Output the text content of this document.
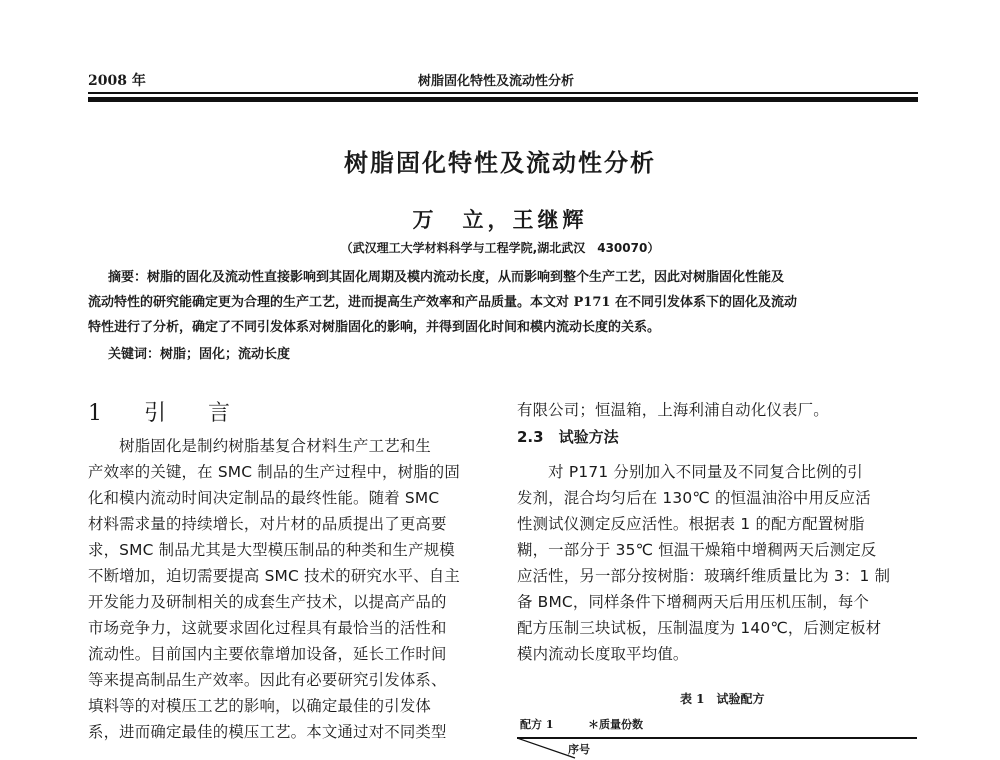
2008 年	树脂固化特性及流动性分析
树脂固化特性及流动性分析
万　立，王继辉
（武汉理工大学材料科学与工程学院,湖北武汉　430070）
摘要：树脂的固化及流动性直接影响到其固化周期及模内流动长度，从而影响到整个生产工艺，因此对树脂固化性能及
流动特性的研究能确定更为合理的生产工艺，进而提高生产效率和产品质量。本文对 P171 在不同引发体系下的固化及流动
特性进行了分析，确定了不同引发体系对树脂固化的影响，并得到固化时间和模内流动长度的关系。
关键词：树脂；固化；流动长度
1　引　言
　　树脂固化是制约树脂基复合材料生产工艺和生
产效率的关键，在 SMC 制品的生产过程中，树脂的固
化和模内流动时间决定制品的最终性能。随着 SMC
材料需求量的持续增长，对片材的品质提出了更高要
求，SMC 制品尤其是大型模压制品的种类和生产规模
不断增加，迫切需要提高 SMC 技术的研究水平、自主
开发能力及研制相关的成套生产技术，以提高产品的
市场竞争力，这就要求固化过程具有最恰当的活性和
流动性。目前国内主要依靠增加设备，延长工作时间
等来提高制品生产效率。因此有必要研究引发体系、
填料等的对模压工艺的影响，以确定最佳的引发体
系，进而确定最佳的模压工艺。本文通过对不同类型
有限公司；恒温箱，上海利浦自动化仪表厂。
2.3　试验方法
　　对 P171 分别加入不同量及不同复合比例的引
发剂，混合均匀后在 130℃ 的恒温油浴中用反应活
性测试仪测定反应活性。根据表 1 的配方配置树脂
糊，一部分于 35℃ 恒温干燥箱中增稠两天后测定反
应活性，另一部分按树脂：玻璃纤维质量比为 3：1 制
备 BMC，同样条件下增稠两天后用压机压制，每个
配方压制三块试板，压制温度为 140℃，后测定板材
模内流动长度取平均值。
表 1　试验配方
配方 1	＊质量份数
序号
